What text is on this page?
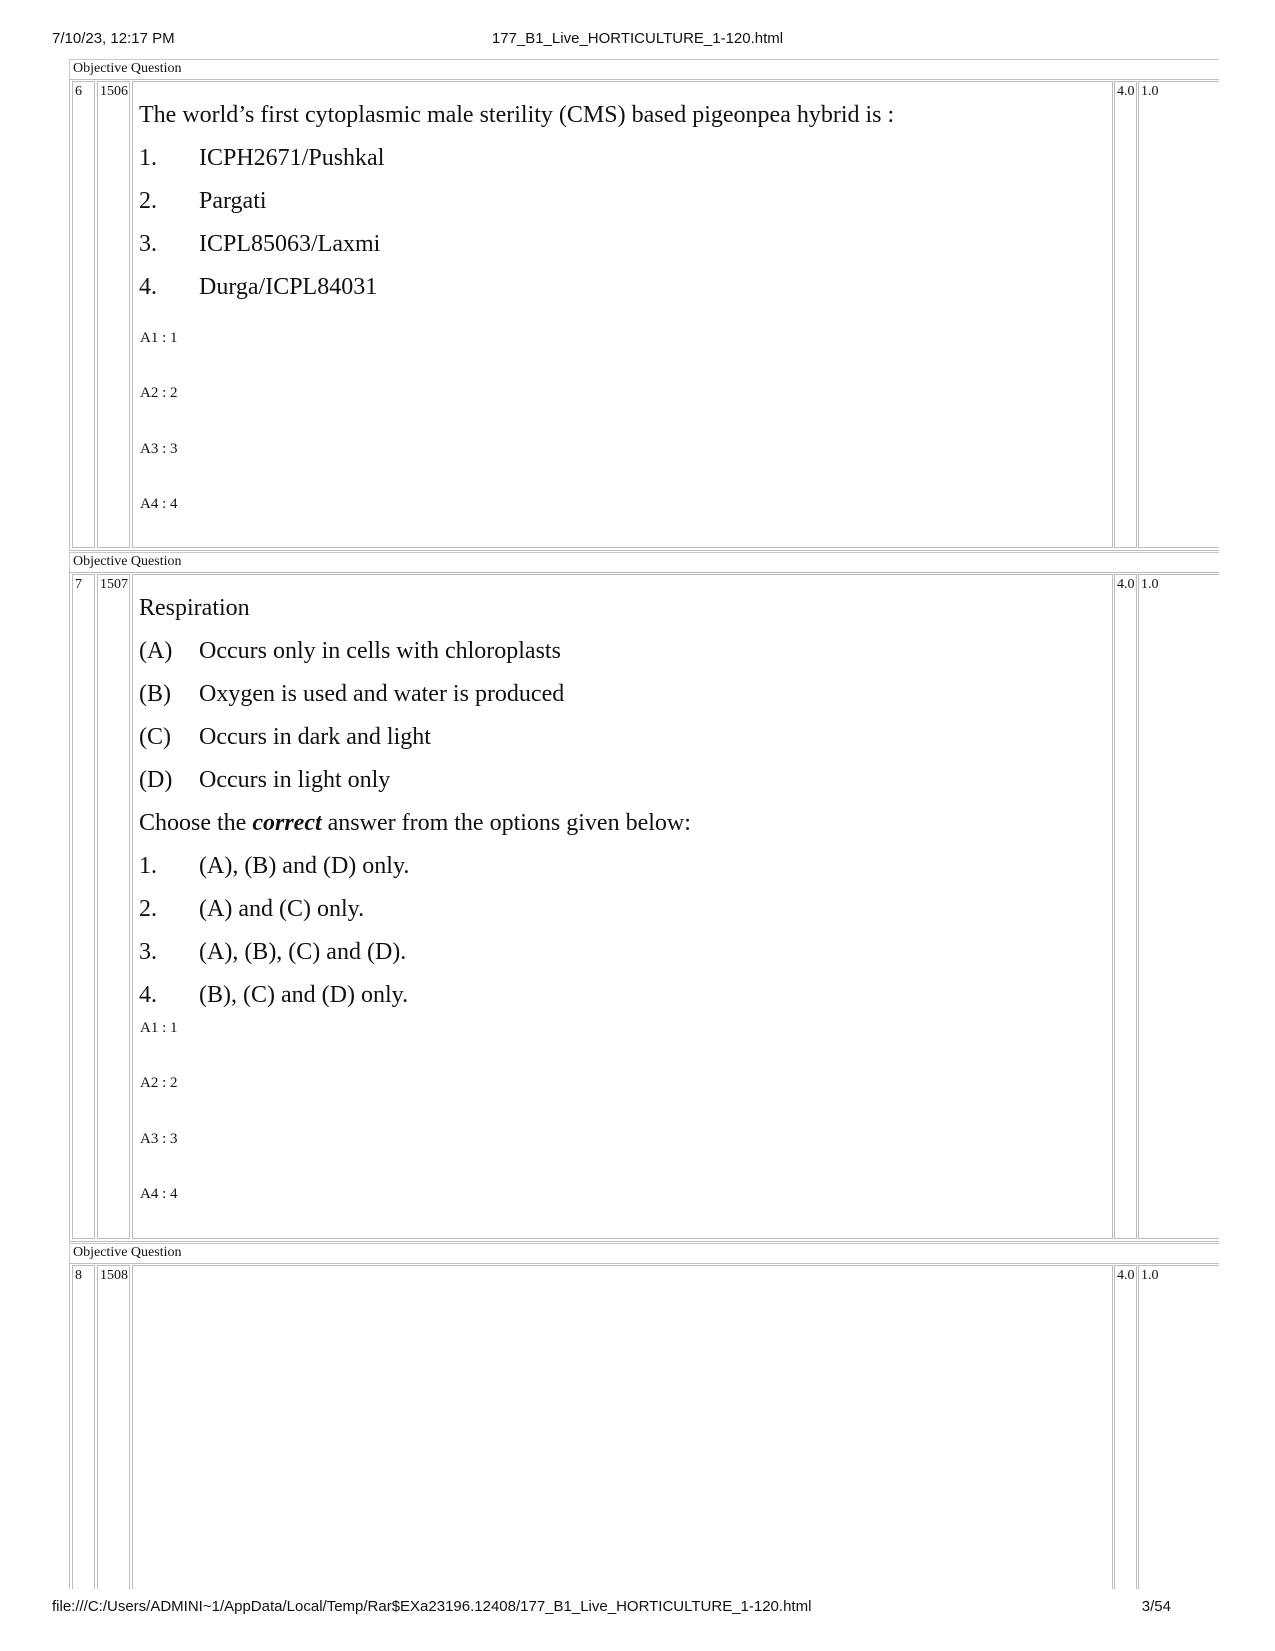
7/10/23, 12:17 PM	177_B1_Live_HORTICULTURE_1-120.html
Objective Question
6 1506
The world’s first cytoplasmic male sterility (CMS) based pigeonpea hybrid is :
1. ICPH2671/Pushkal
2. Pargati
3. ICPL85063/Laxmi
4. Durga/ICPL84031
A1 : 1
A2 : 2
A3 : 3
A4 : 4
4.0 1.0
Objective Question
7 1507
Respiration
(A) Occurs only in cells with chloroplasts
(B) Oxygen is used and water is produced
(C) Occurs in dark and light
(D) Occurs in light only
Choose the correct answer from the options given below:
1. (A), (B) and (D) only.
2. (A) and (C) only.
3. (A), (B), (C) and (D).
4. (B), (C) and (D) only.
A1 : 1
A2 : 2
A3 : 3
A4 : 4
4.0 1.0
Objective Question
8 1508	4.0 1.0
file:///C:/Users/ADMINI~1/AppData/Local/Temp/Rar$EXa23196.12408/177_B1_Live_HORTICULTURE_1-120.html	3/54
